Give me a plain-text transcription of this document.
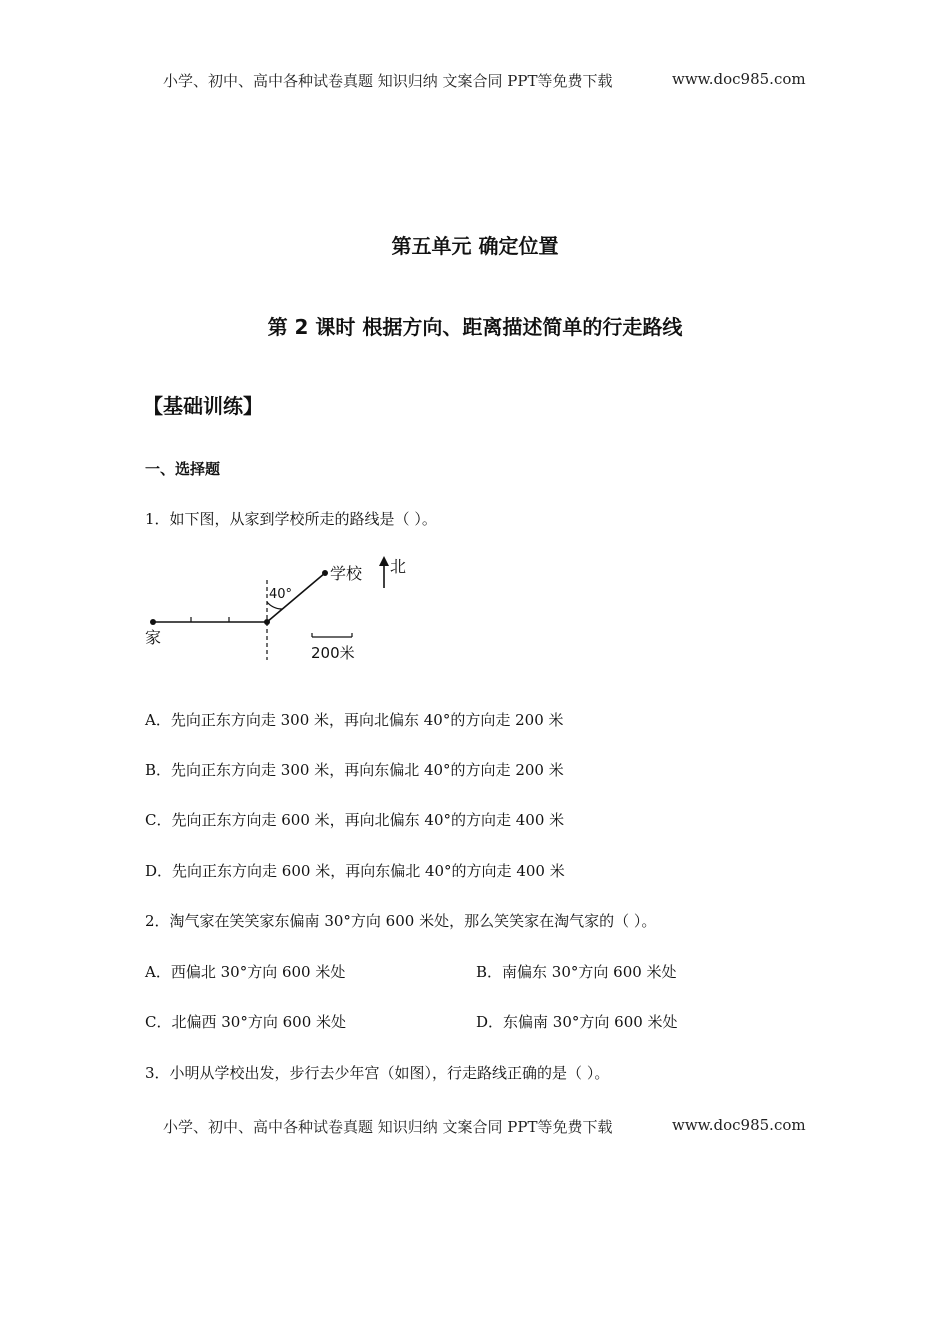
小学、初中、高中各种试卷真题 知识归纳 文案合同 PPT等免费下载	www.doc985.com
第五单元 确定位置
第 2 课时 根据方向、距离描述简单的行走路线
【基础训练】
一、选择题
1．如下图，从家到学校所走的路线是（ ）。
家
学校 北
40°
200米
A．先向正东方向走 300 米，再向北偏东 40°的方向走 200 米
B．先向正东方向走 300 米，再向东偏北 40°的方向走 200 米
C．先向正东方向走 600 米，再向北偏东 40°的方向走 400 米
D．先向正东方向走 600 米，再向东偏北 40°的方向走 400 米
2．淘气家在笑笑家东偏南 30°方向 600 米处，那么笑笑家在淘气家的（ ）。
A．西偏北 30°方向 600 米处	B．南偏东 30°方向 600 米处
C．北偏西 30°方向 600 米处	D．东偏南 30°方向 600 米处
3．小明从学校出发，步行去少年宫（如图），行走路线正确的是（ ）。
小学、初中、高中各种试卷真题 知识归纳 文案合同 PPT等免费下载	www.doc985.com
